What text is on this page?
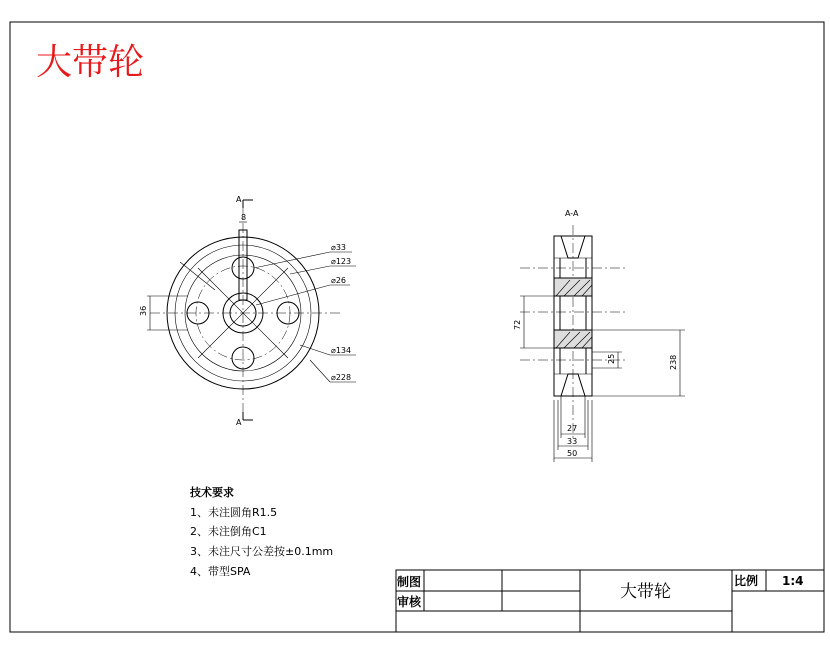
大带轮
A
A
8
36
⌀33
⌀123
⌀26
⌀134
⌀228
A-A
72
25	238
27
33
50
技术要求
1、未注圆角R1.5
2、未注倒角C1
3、未注尺寸公差按±0.1mm
4、带型SPA
制图
审核	大带轮
比例 1:4
